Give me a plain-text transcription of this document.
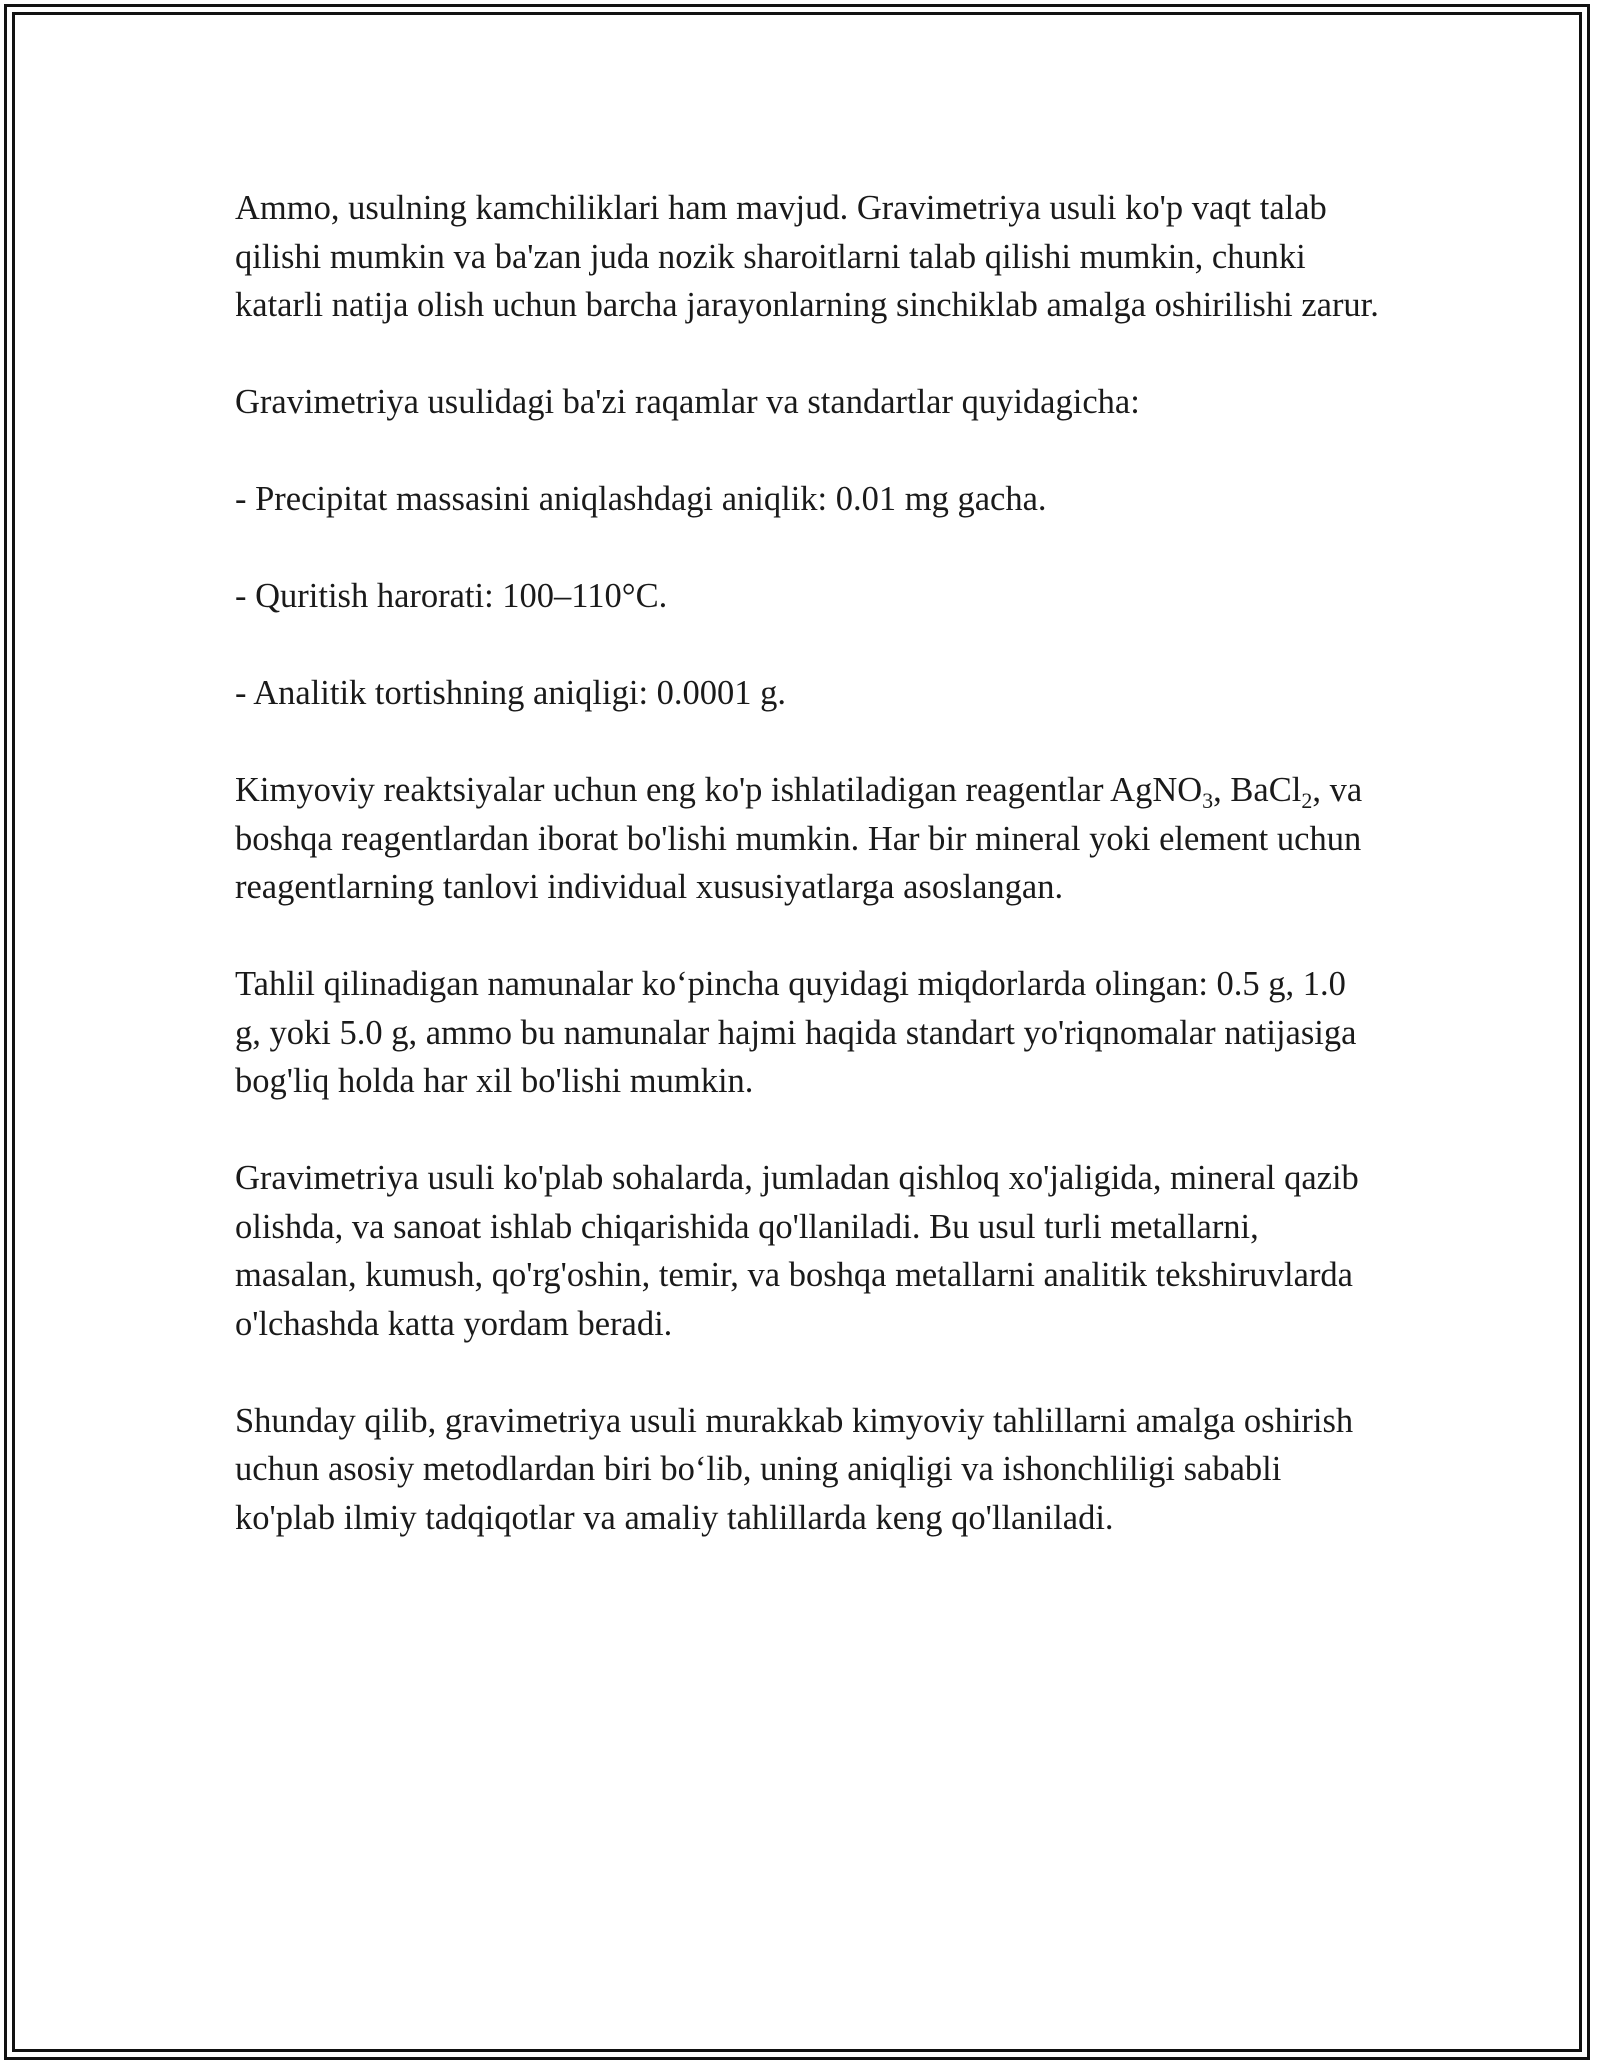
Ammo, usulning kamchiliklari ham mavjud. Gravimetriya usuli ko'p vaqt talab qilishi mumkin va ba'zan juda nozik sharoitlarni talab qilishi mumkin, chunki katarli natija olish uchun barcha jarayonlarning sinchiklab amalga oshirilishi zarur.

Gravimetriya usulidagi ba'zi raqamlar va standartlar quyidagicha:

- Precipitat massasini aniqlashdagi aniqlik: 0.01 mg gacha.

- Quritish harorati: 100–110°C.

- Analitik tortishning aniqligi: 0.0001 g.

Kimyoviy reaktsiyalar uchun eng ko'p ishlatiladigan reagentlar AgNO$_3$, BaCl$_2$, va boshqa reagentlardan iborat bo'lishi mumkin. Har bir mineral yoki element uchun reagentlarning tanlovi individual xususiyatlarga asoslangan.

Tahlil qilinadigan namunalar ko‘pincha quyidagi miqdorlarda olingan: 0.5 g, 1.0 g, yoki 5.0 g, ammo bu namunalar hajmi haqida standart yo'riqnomalar natijasiga bog'liq holda har xil bo'lishi mumkin.

Gravimetriya usuli ko'plab sohalarda, jumladan qishloq xo'jaligida, mineral qazib olishda, va sanoat ishlab chiqarishida qo'llaniladi. Bu usul turli metallarni, masalan, kumush, qo'rg'oshin, temir, va boshqa metallarni analitik tekshiruvlarda o'lchashda katta yordam beradi.

Shunday qilib, gravimetriya usuli murakkab kimyoviy tahlillarni amalga oshirish uchun asosiy metodlardan biri bo‘lib, uning aniqligi va ishonchliligi sababli ko'plab ilmiy tadqiqotlar va amaliy tahlillarda keng qo'llaniladi.
